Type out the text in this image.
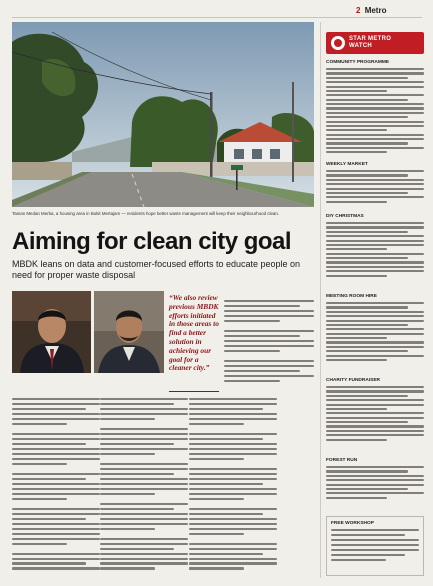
2 Metro
Taman Medan Merba, a housing area in Bukit Mertajam — residents hope better waste management will keep their neighbourhood clean.
Aiming for clean city goal
MBDK leans on data and customer-focused efforts to educate people on need for proper waste disposal
“We also review previous MBDK efforts initiated in those areas to find a better solution in achieving our goal for a cleaner city.”
STAR METRO
WATCH
COMMUNITY PROGRAMME
WEEKLY MARKET
DIY CHRISTMAS
MEETING ROOM HIRE
CHARITY FUNDRAISER
FOREST RUN
FREE WORKSHOP
